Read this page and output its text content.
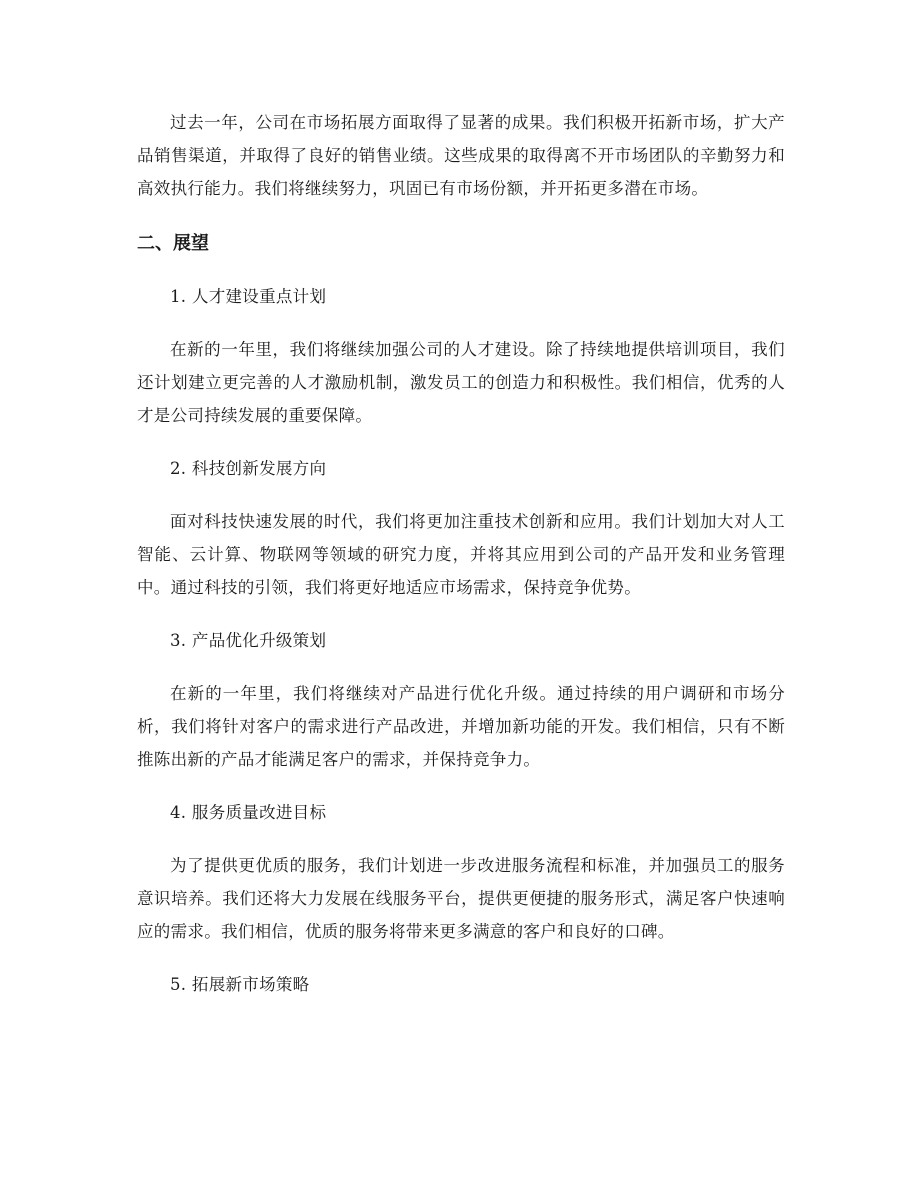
过去一年，公司在市场拓展方面取得了显著的成果。我们积极开拓新市场，扩大产品销售渠道，并取得了良好的销售业绩。这些成果的取得离不开市场团队的辛勤努力和高效执行能力。我们将继续努力，巩固已有市场份额，并开拓更多潜在市场。

二、展望

1. 人才建设重点计划

在新的一年里，我们将继续加强公司的人才建设。除了持续地提供培训项目，我们还计划建立更完善的人才激励机制，激发员工的创造力和积极性。我们相信，优秀的人才是公司持续发展的重要保障。

2. 科技创新发展方向

面对科技快速发展的时代，我们将更加注重技术创新和应用。我们计划加大对人工智能、云计算、物联网等领域的研究力度，并将其应用到公司的产品开发和业务管理中。通过科技的引领，我们将更好地适应市场需求，保持竞争优势。

3. 产品优化升级策划

在新的一年里，我们将继续对产品进行优化升级。通过持续的用户调研和市场分析，我们将针对客户的需求进行产品改进，并增加新功能的开发。我们相信，只有不断推陈出新的产品才能满足客户的需求，并保持竞争力。

4. 服务质量改进目标

为了提供更优质的服务，我们计划进一步改进服务流程和标准，并加强员工的服务意识培养。我们还将大力发展在线服务平台，提供更便捷的服务形式，满足客户快速响应的需求。我们相信，优质的服务将带来更多满意的客户和良好的口碑。

5. 拓展新市场策略
